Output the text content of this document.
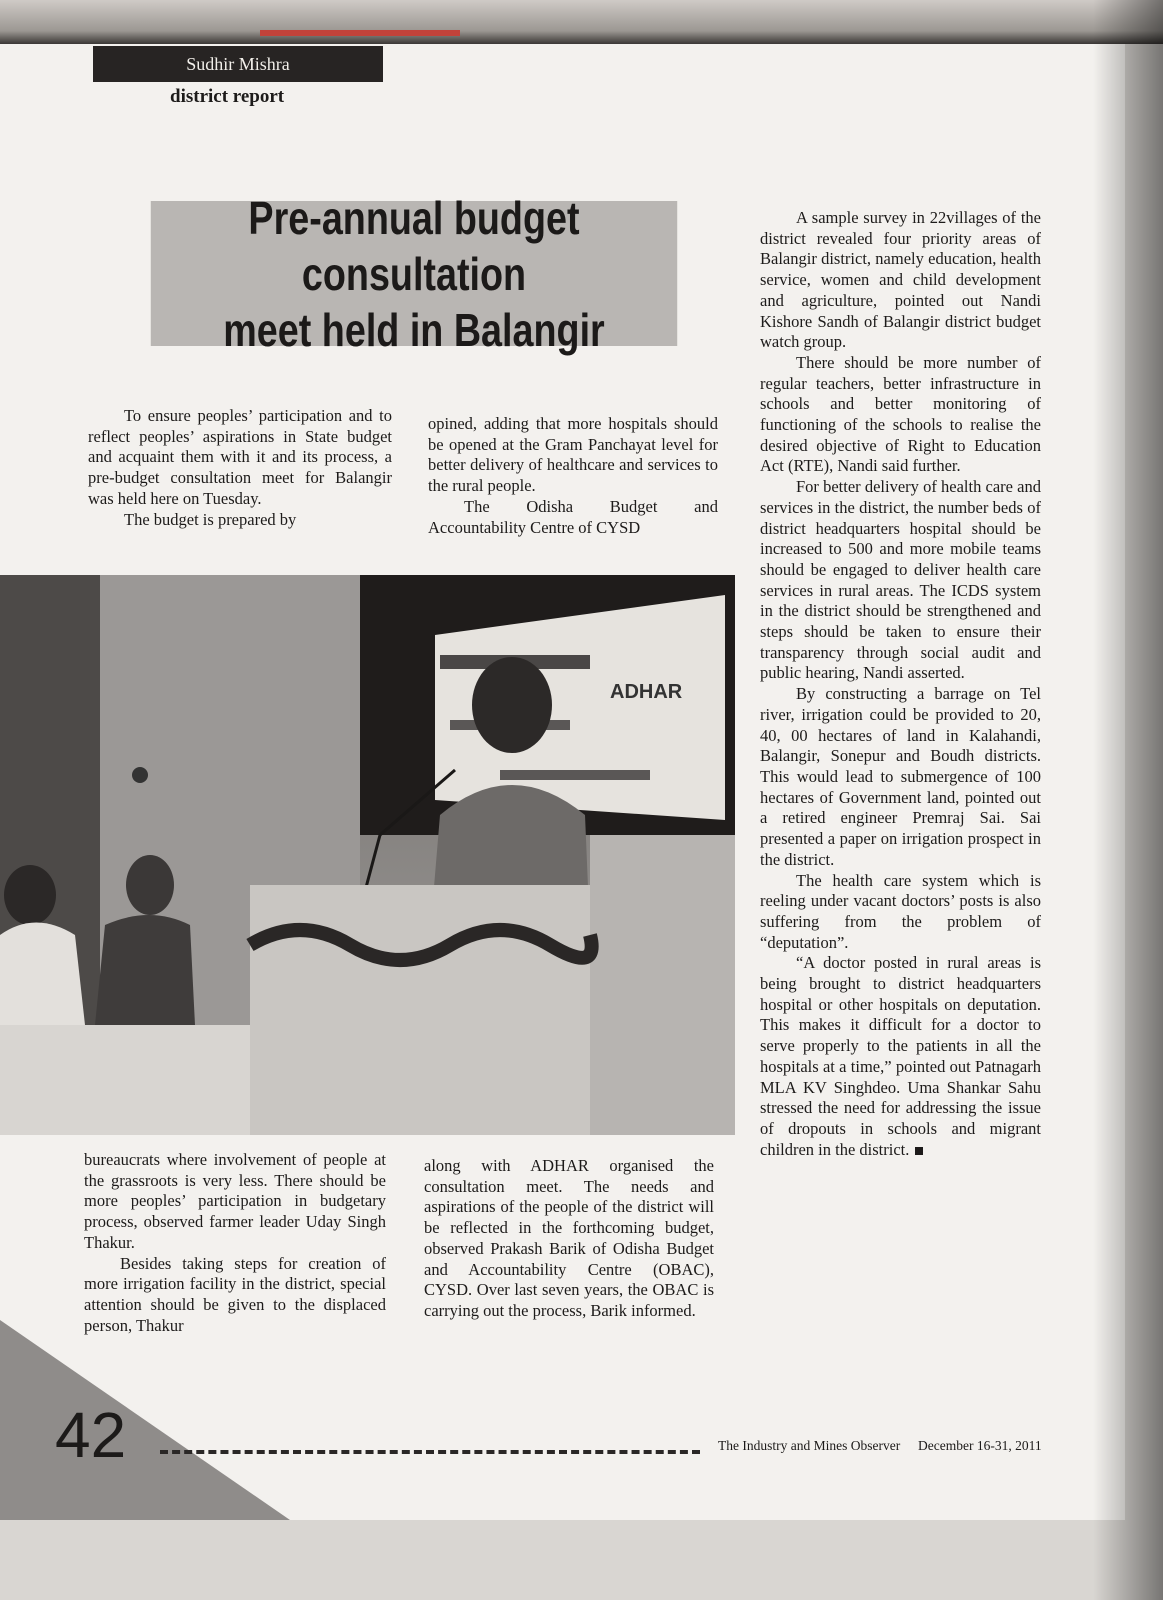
Sudhir Mishra
district report
Pre-annual budget consultation
meet held in Balangir

To ensure peoples’ participation and to reflect peoples’ aspirations in State budget and acquaint them with it and its process, a pre-budget consultation meet for Balangir was held here on Tuesday.

The budget is prepared by

opined, adding that more hospitals should be opened at the Gram Panchayat level for better delivery of healthcare and services to the rural people.

The Odisha Budget and Accountability Centre of CYSD

ADHAR

bureaucrats where involvement of people at the grassroots is very less. There should be more peoples’ participation in budgetary process, observed farmer leader Uday Singh Thakur.

Besides taking steps for creation of more irrigation facility in the district, special attention should be given to the displaced person, Thakur

along with ADHAR organised the consultation meet. The needs and aspirations of the people of the district will be reflected in the forthcoming budget, observed Prakash Barik of Odisha Budget and Accountability Centre (OBAC), CYSD. Over last seven years, the OBAC is carrying out the process, Barik informed.

A sample survey in 22villages of the district revealed four priority areas of Balangir district, namely education, health service, women and child development and agriculture, pointed out Nandi Kishore Sandh of Balangir district budget watch group.

There should be more number of regular teachers, better infrastructure in schools and better monitoring of functioning of the schools to realise the desired objective of Right to Education Act (RTE), Nandi said further.

For better delivery of health care and services in the district, the number beds of district headquarters hospital should be increased to 500 and more mobile teams should be engaged to deliver health care services in rural areas. The ICDS system in the district should be strengthened and steps should be taken to ensure their transparency through social audit and public hearing, Nandi asserted.

By constructing a barrage on Tel river, irrigation could be provided to 20, 40, 00 hectares of land in Kalahandi, Balangir, Sonepur and Boudh districts. This would lead to submergence of 100 hectares of Government land, pointed out a retired engineer Premraj Sai. Sai presented a paper on irrigation prospect in the district.

The health care system which is reeling under vacant doctors’ posts is also suffering from the problem of “deputation”.

“A doctor posted in rural areas is being brought to district headquarters hospital or other hospitals on deputation. This makes it difficult for a doctor to serve properly to the patients in all the hospitals at a time,” pointed out Patnagarh MLA KV Singhdeo. Uma Shankar Sahu stressed the need for addressing the issue of dropouts in schools and migrant children in the district.

42	The Industry and Mines Observer December 16-31, 2011
